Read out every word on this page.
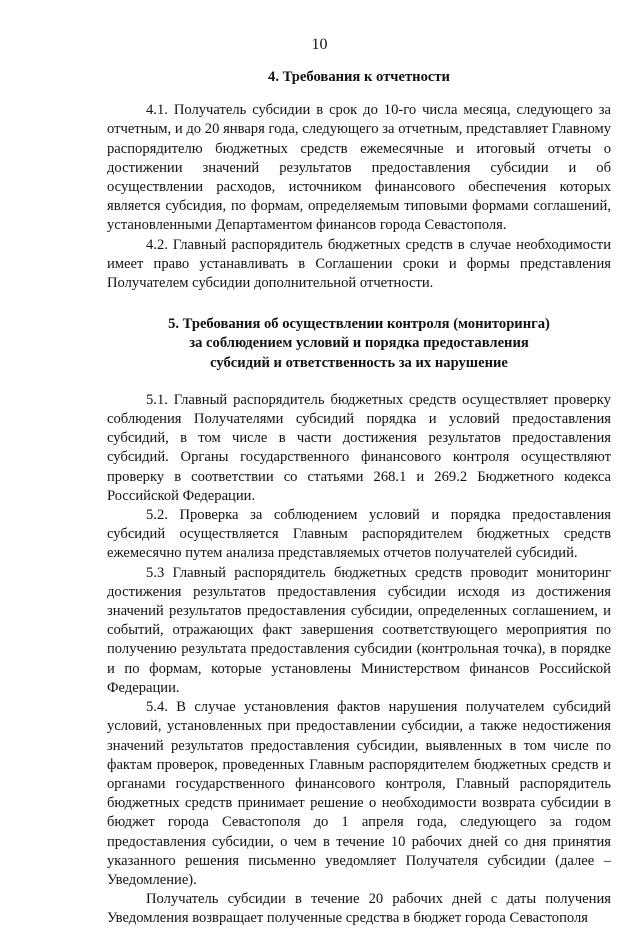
10
4. Требования к отчетности

4.1. Получатель субсидии в срок до 10-го числа месяца, следующего за отчетным, и до 20 января года, следующего за отчетным, представляет Главному распорядителю бюджетных средств ежемесячные и итоговый отчеты о достижении значений результатов предоставления субсидии и об осуществлении расходов, источником финансового обеспечения которых является субсидия, по формам, определяемым типовыми формами соглашений, установленными Департаментом финансов города Севастополя.

4.2. Главный распорядитель бюджетных средств в случае необходимости имеет право устанавливать в Соглашении сроки и формы представления Получателем субсидии дополнительной отчетности.

5. Требования об осуществлении контроля (мониторинга)
за соблюдением условий и порядка предоставления
субсидий и ответственность за их нарушение

5.1. Главный распорядитель бюджетных средств осуществляет проверку соблюдения Получателями субсидий порядка и условий предоставления субсидий, в том числе в части достижения результатов предоставления субсидий. Органы государственного финансового контроля осуществляют проверку в соответствии со статьями 268.1 и 269.2 Бюджетного кодекса Российской Федерации.

5.2. Проверка за соблюдением условий и порядка предоставления субсидий осуществляется Главным распорядителем бюджетных средств ежемесячно путем анализа представляемых отчетов получателей субсидий.

5.3 Главный распорядитель бюджетных средств проводит мониторинг достижения результатов предоставления субсидии исходя из достижения значений результатов предоставления субсидии, определенных соглашением, и событий, отражающих факт завершения соответствующего мероприятия по получению результата предоставления субсидии (контрольная точка), в порядке и по формам, которые установлены Министерством финансов Российской Федерации.

5.4. В случае установления фактов нарушения получателем субсидий условий, установленных при предоставлении субсидии, а также недостижения значений результатов предоставления субсидии, выявленных в том числе по фактам проверок, проведенных Главным распорядителем бюджетных средств и органами государственного финансового контроля, Главный распорядитель бюджетных средств принимает решение о необходимости возврата субсидии в бюджет города Севастополя до 1 апреля года, следующего за годом предоставления субсидии, о чем в течение 10 рабочих дней со дня принятия указанного решения письменно уведомляет Получателя субсидии (далее – Уведомление).

Получатель субсидии в течение 20 рабочих дней с даты получения Уведомления возвращает полученные средства в бюджет города Севастополя
